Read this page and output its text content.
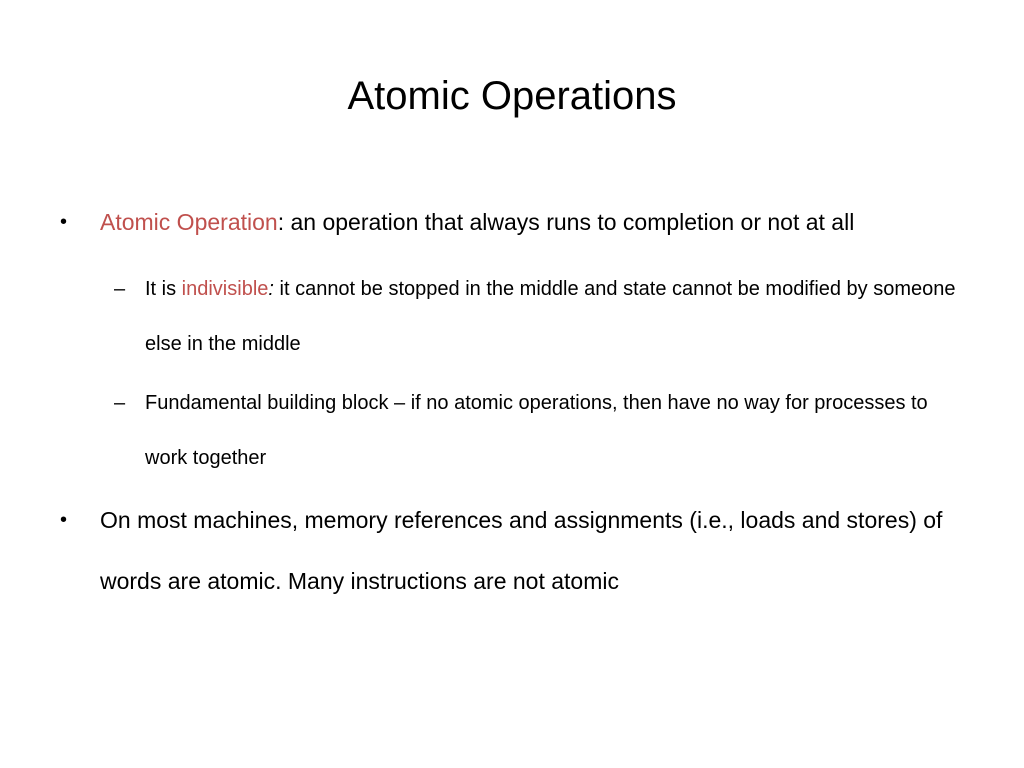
Atomic Operations
• Atomic Operation: an operation that always runs to completion or not at all
– It is indivisible: it cannot be stopped in the middle and state cannot be modified by someone else in the middle
– Fundamental building block – if no atomic operations, then have no way for processes to work together
• On most machines, memory references and assignments (i.e., loads and stores) of words are atomic. Many instructions are not atomic
